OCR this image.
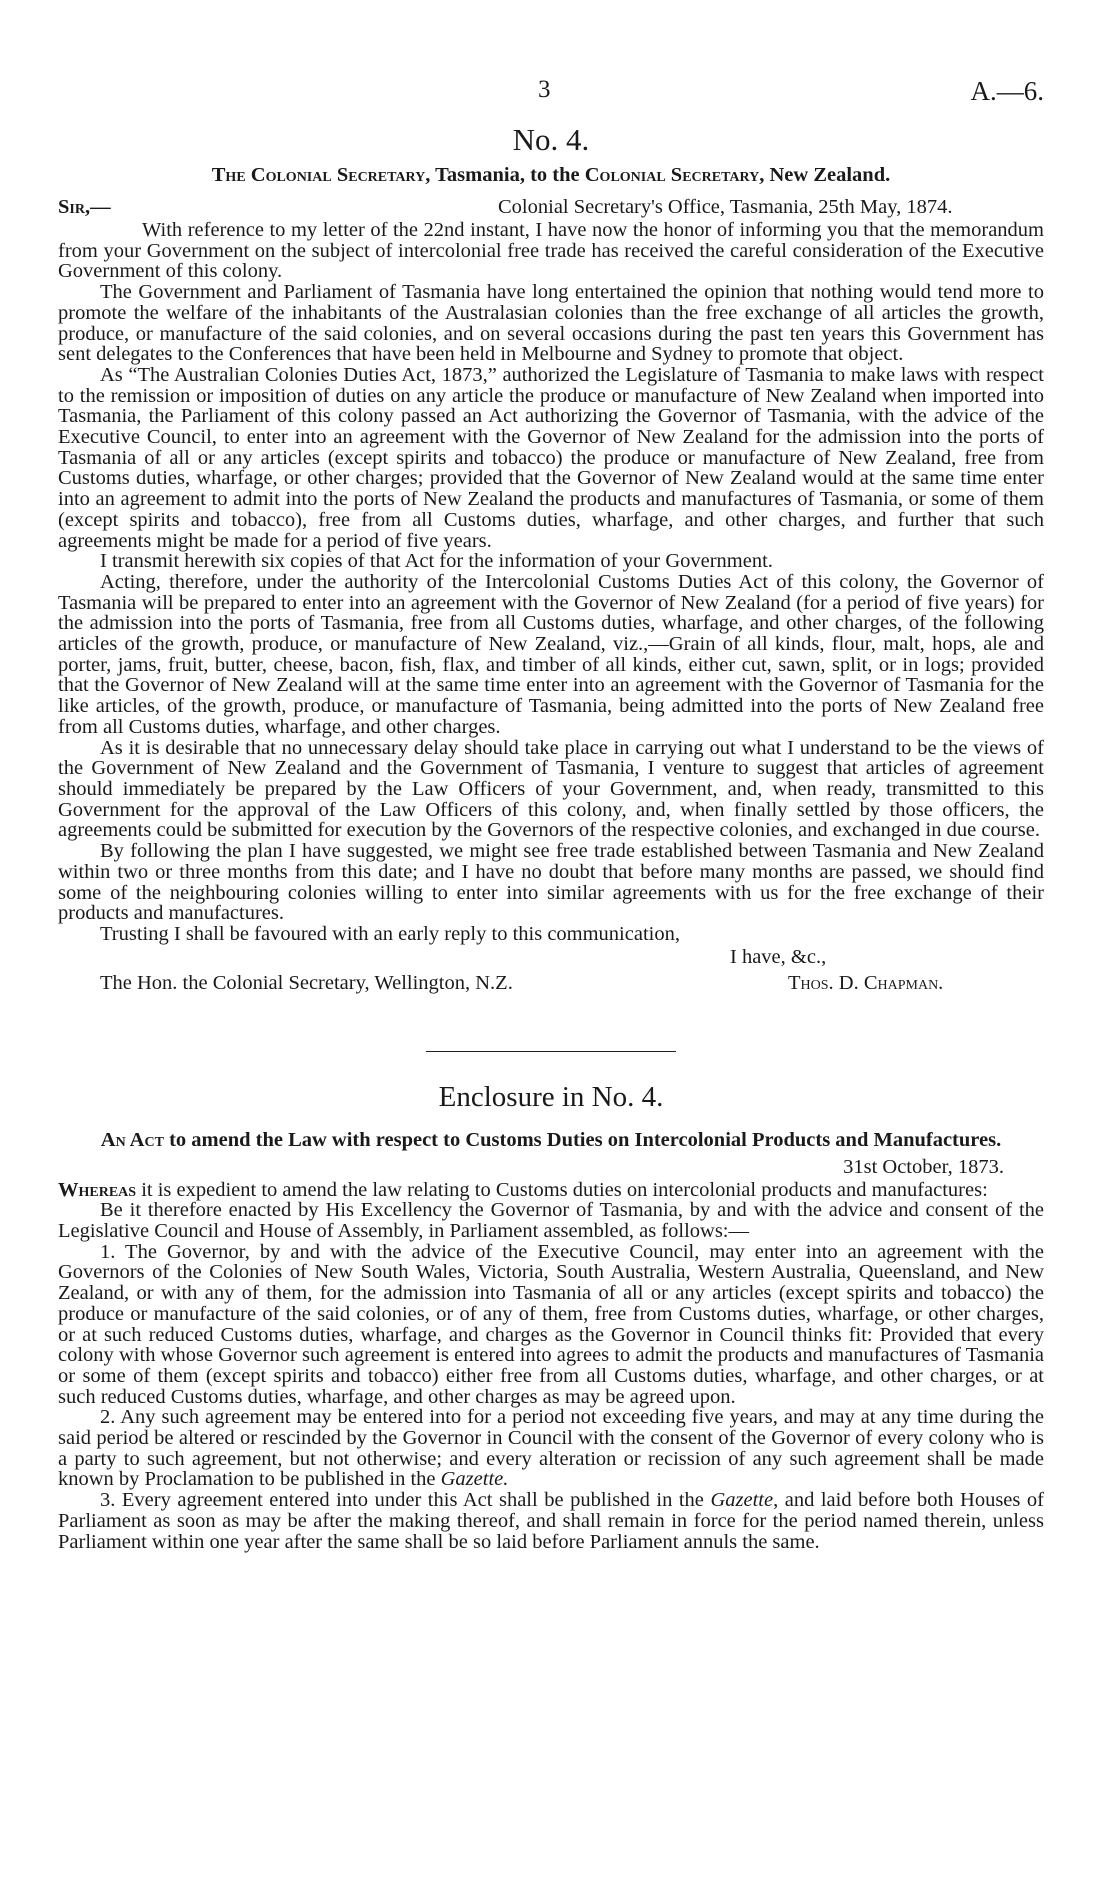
3	A.—6.
No. 4.
The Colonial Secretary, Tasmania, to the Colonial Secretary, New Zealand.
Sir,—	Colonial Secretary's Office, Tasmania, 25th May, 1874.

With reference to my letter of the 22nd instant, I have now the honor of informing you that the memorandum from your Government on the subject of intercolonial free trade has received the careful consideration of the Executive Government of this colony.

The Government and Parliament of Tasmania have long entertained the opinion that nothing would tend more to promote the welfare of the inhabitants of the Australasian colonies than the free exchange of all articles the growth, produce, or manufacture of the said colonies, and on several occasions during the past ten years this Government has sent delegates to the Conferences that have been held in Melbourne and Sydney to promote that object.

As “The Australian Colonies Duties Act, 1873,” authorized the Legislature of Tasmania to make laws with respect to the remission or imposition of duties on any article the produce or manufacture of New Zealand when imported into Tasmania, the Parliament of this colony passed an Act authorizing the Governor of Tasmania, with the advice of the Executive Council, to enter into an agreement with the Governor of New Zealand for the admission into the ports of Tasmania of all or any articles (except spirits and tobacco) the produce or manufacture of New Zealand, free from Customs duties, wharfage, or other charges; provided that the Governor of New Zealand would at the same time enter into an agreement to admit into the ports of New Zealand the products and manufactures of Tasmania, or some of them (except spirits and tobacco), free from all Customs duties, wharfage, and other charges, and further that such agreements might be made for a period of five years.

I transmit herewith six copies of that Act for the information of your Government.

Acting, therefore, under the authority of the Intercolonial Customs Duties Act of this colony, the Governor of Tasmania will be prepared to enter into an agreement with the Governor of New Zealand (for a period of five years) for the admission into the ports of Tasmania, free from all Customs duties, wharfage, and other charges, of the following articles of the growth, produce, or manufacture of New Zealand, viz.,—Grain of all kinds, flour, malt, hops, ale and porter, jams, fruit, butter, cheese, bacon, fish, flax, and timber of all kinds, either cut, sawn, split, or in logs; provided that the Governor of New Zealand will at the same time enter into an agreement with the Governor of Tasmania for the like articles, of the growth, produce, or manufacture of Tasmania, being admitted into the ports of New Zealand free from all Customs duties, wharfage, and other charges.

As it is desirable that no unnecessary delay should take place in carrying out what I understand to be the views of the Government of New Zealand and the Government of Tasmania, I venture to suggest that articles of agreement should immediately be prepared by the Law Officers of your Government, and, when ready, transmitted to this Government for the approval of the Law Officers of this colony, and, when finally settled by those officers, the agreements could be submitted for execution by the Governors of the respective colonies, and exchanged in due course.

By following the plan I have suggested, we might see free trade established between Tasmania and New Zealand within two or three months from this date; and I have no doubt that before many months are passed, we should find some of the neighbouring colonies willing to enter into similar agreements with us for the free exchange of their products and manufactures.

Trusting I shall be favoured with an early reply to this communication,

I have, &c.,
The Hon. the Colonial Secretary, Wellington, N.Z.	Thos. D. Chapman.
Enclosure in No. 4.
An Act to amend the Law with respect to Customs Duties on Intercolonial Products and Manufactures.
31st October, 1873.

Whereas it is expedient to amend the law relating to Customs duties on intercolonial products and manufactures:

Be it therefore enacted by His Excellency the Governor of Tasmania, by and with the advice and consent of the Legislative Council and House of Assembly, in Parliament assembled, as follows:—

1. The Governor, by and with the advice of the Executive Council, may enter into an agreement with the Governors of the Colonies of New South Wales, Victoria, South Australia, Western Australia, Queensland, and New Zealand, or with any of them, for the admission into Tasmania of all or any articles (except spirits and tobacco) the produce or manufacture of the said colonies, or of any of them, free from Customs duties, wharfage, or other charges, or at such reduced Customs duties, wharfage, and charges as the Governor in Council thinks fit: Provided that every colony with whose Governor such agreement is entered into agrees to admit the products and manufactures of Tasmania or some of them (except spirits and tobacco) either free from all Customs duties, wharfage, and other charges, or at such reduced Customs duties, wharfage, and other charges as may be agreed upon.

2. Any such agreement may be entered into for a period not exceeding five years, and may at any time during the said period be altered or rescinded by the Governor in Council with the consent of the Governor of every colony who is a party to such agreement, but not otherwise; and every alteration or recission of any such agreement shall be made known by Proclamation to be published in the Gazette.

3. Every agreement entered into under this Act shall be published in the Gazette, and laid before both Houses of Parliament as soon as may be after the making thereof, and shall remain in force for the period named therein, unless Parliament within one year after the same shall be so laid before Parliament annuls the same.
